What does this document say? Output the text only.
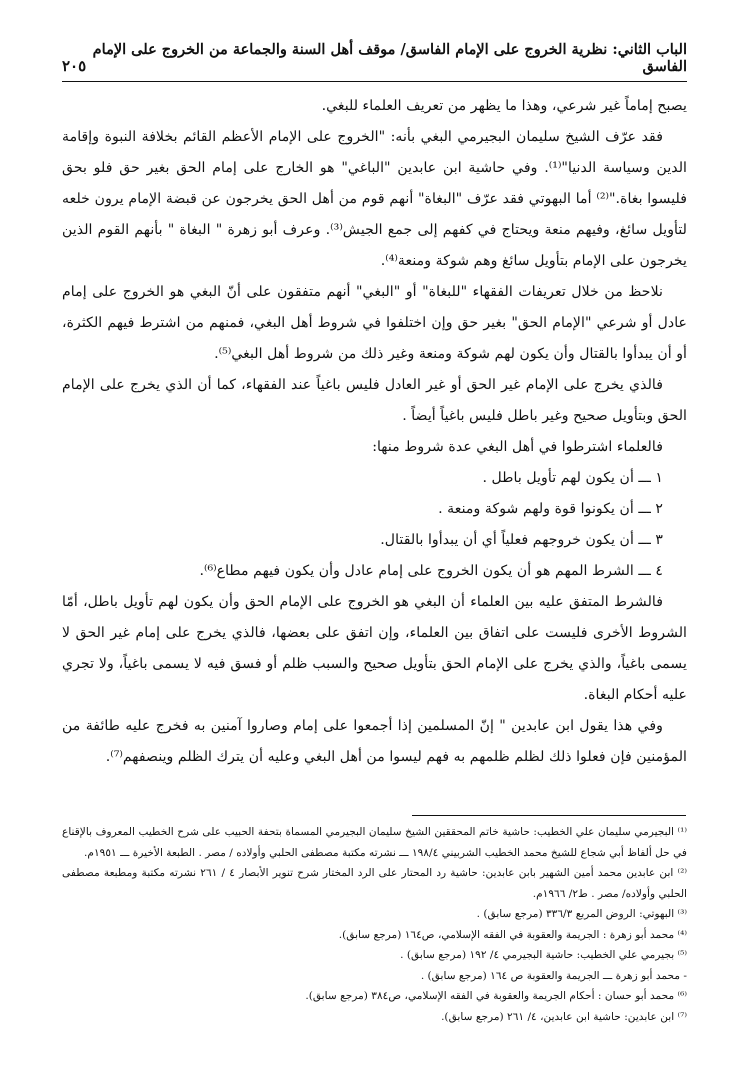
الباب الثاني: نظرية الخروج على الإمام الفاسق/ موقف أهل السنة والجماعة من الخروج على الإمام الفاسق
٢٠٥

يصبح إماماً غير شرعي، وهذا ما يظهر من تعريف العلماء للبغي.

فقد عرّف الشيخ سليمان البجيرمي البغي بأنه: "الخروج على الإمام الأعظم القائم بخلافة النبوة وإقامة الدين وسياسة الدنيا"⁽¹⁾. وفي حاشية ابن عابدين "الباغي" هو الخارج على إمام الحق بغير حق فلو بحق فليسوا بغاة."⁽²⁾ أما البهوتي فقد عرّف "البغاة" أنهم قوم من أهل الحق يخرجون عن قبضة الإمام يرون خلعه لتأويل سائغ، وفيهم منعة ويحتاج في كفهم إلى جمع الجيش⁽³⁾. وعرف أبو زهرة " البغاة " بأنهم القوم الذين يخرجون على الإمام بتأويل سائغ وهم شوكة ومنعة⁽⁴⁾.

نلاحظ من خلال تعريفات الفقهاء "للبغاة" أو "البغي" أنهم متفقون على أنّ البغي هو الخروج على إمام عادل أو شرعي "الإمام الحق" بغير حق وإن اختلفوا في شروط أهل البغي، فمنهم من اشترط فيهم الكثرة، أو أن يبدأوا بالقتال وأن يكون لهم شوكة ومنعة وغير ذلك من شروط أهل البغي⁽⁵⁾.

فالذي يخرج على الإمام غير الحق أو غير العادل فليس باغياً عند الفقهاء، كما أن الذي يخرج على الإمام الحق وبتأويل صحيح وغير باطل فليس باغياً أيضاً .

فالعلماء اشترطوا في أهل البغي عدة شروط منها:

١ ـــ أن يكون لهم تأويل باطل .

٢ ـــ أن يكونوا قوة ولهم شوكة ومنعة .

٣ ـــ أن يكون خروجهم فعلياً أي أن يبدأوا بالقتال.

٤ ـــ الشرط المهم هو أن يكون الخروج على إمام عادل وأن يكون فيهم مطاع⁽⁶⁾.

فالشرط المتفق عليه بين العلماء أن البغي هو الخروج على الإمام الحق وأن يكون لهم تأويل باطل، أمّا الشروط الأخرى فليست على اتفاق بين العلماء، وإن اتفق على بعضها، فالذي يخرج على إمام غير الحق لا يسمى باغياً، والذي يخرج على الإمام الحق بتأويل صحيح والسبب ظلم أو فسق فيه لا يسمى باغياً، ولا تجري عليه أحكام البغاة.

وفي هذا يقول ابن عابدين " إنّ المسلمين إذا أجمعوا على إمام وصاروا آمنين به فخرج عليه طائفة من المؤمنين فإن فعلوا ذلك لظلم ظلمهم به فهم ليسوا من أهل البغي وعليه أن يترك الظلم وينصفهم⁽⁷⁾.

⁽¹⁾ البجيرمي سليمان علي الخطيب: حاشية خاتم المحققين الشيخ سليمان البجيرمي المسماة بتحفة الحبيب على شرح الخطيب المعروف بالإقناع في حل ألفاظ أبي شجاع للشيخ محمد الخطيب الشربيني ١٩٨/٤ ـــ نشرته مكتبة مصطفى الحلبي وأولاده / مصر . الطبعة الأخيرة ـــ ١٩٥١م.

⁽²⁾ ابن عابدين محمد أمين الشهير بابن عابدين: حاشية رد المحتار على الرد المختار شرح تنوير الأبصار ٤ / ٢٦١ نشرته مكتبة ومطبعة مصطفى الحلبي وأولاده/ مصر . ط٢/ ١٩٦٦م.

⁽³⁾ البهوتي: الروض المربع ٣٣٦/٣ (مرجع سابق) .

⁽⁴⁾ محمد أبو زهرة : الجريمة والعقوبة في الفقه الإسلامي، ص١٦٤ (مرجع سابق).

⁽⁵⁾ بجيرمي علي الخطيب: حاشية البجيرمي ٤/ ١٩٢ (مرجع سابق) .

- محمد أبو زهرة ـــ الجريمة والعقوبة ص ١٦٤ (مرجع سابق) .

⁽⁶⁾ محمد أبو حسان : أحكام الجريمة والعقوبة في الفقه الإسلامي، ص٣٨٤ (مرجع سابق).

⁽⁷⁾ ابن عابدين: حاشية ابن عابدين، ٤/ ٢٦١ (مرجع سابق).
